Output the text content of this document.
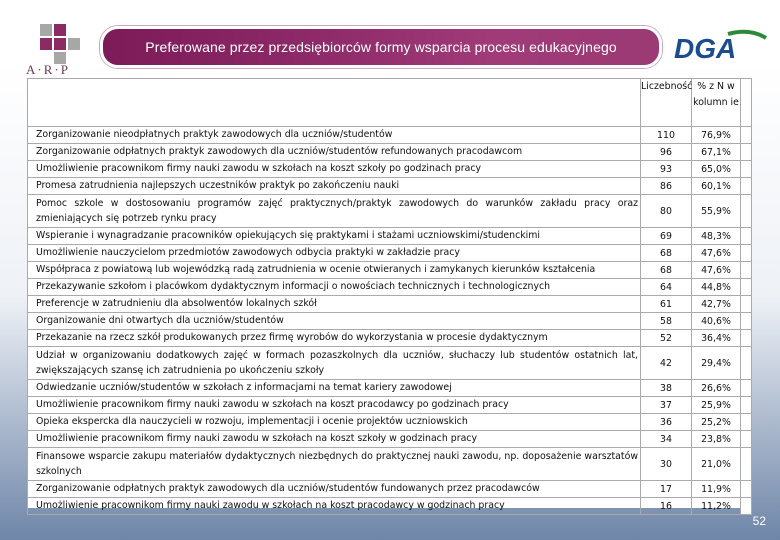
A·R·P
Preferowane przez przedsiębiorców formy wsparcia procesu edukacyjnego DGA
	Liczebność	% z N w kolumn ie	
Zorganizowanie nieodpłatnych praktyk zawodowych dla uczniów/studentów	110	76,9%	
Zorganizowanie odpłatnych praktyk zawodowych dla uczniów/studentów refundowanych pracodawcom	96	67,1%	
Umożliwienie pracownikom firmy nauki zawodu w szkołach na koszt szkoły po godzinach pracy	93	65,0%	
Promesa zatrudnienia najlepszych uczestników praktyk po zakończeniu nauki	86	60,1%	
Pomoc szkole w dostosowaniu programów zajęć praktycznych/praktyk zawodowych do warunków zakładu pracy oraz zmieniających się potrzeb rynku pracy	80	55,9%	
Wspieranie i wynagradzanie pracowników opiekujących się praktykami i stażami uczniowskimi/studenckimi	69	48,3%	
Umożliwienie nauczycielom przedmiotów zawodowych odbycia praktyki w zakładzie pracy	68	47,6%	
Współpraca z powiatową lub wojewódzką radą zatrudnienia w ocenie otwieranych i zamykanych kierunków kształcenia	68	47,6%	
Przekazywanie szkołom i placówkom dydaktycznym informacji o nowościach technicznych i technologicznych	64	44,8%	
Preferencje w zatrudnieniu dla absolwentów lokalnych szkół	61	42,7%	
Organizowanie dni otwartych dla uczniów/studentów	58	40,6%	
Przekazanie na rzecz szkół produkowanych przez firmę wyrobów do wykorzystania w procesie dydaktycznym	52	36,4%	
Udział w organizowaniu dodatkowych zajęć w formach pozaszkolnych dla uczniów, słuchaczy lub studentów ostatnich lat, zwiększających szansę ich zatrudnienia po ukończeniu szkoły	42	29,4%	
Odwiedzanie uczniów/studentów w szkołach z informacjami na temat kariery zawodowej	38	26,6%	
Umożliwienie pracownikom firmy nauki zawodu w szkołach na koszt pracodawcy po godzinach pracy	37	25,9%	
Opieka ekspercka dla nauczycieli w rozwoju, implementacji i ocenie projektów uczniowskich	36	25,2%	
Umożliwienie pracownikom firmy nauki zawodu w szkołach na koszt szkoły w godzinach pracy	34	23,8%	
Finansowe wsparcie zakupu materiałów dydaktycznych niezbędnych do praktycznej nauki zawodu, np. doposażenie warsztatów szkolnych	30	21,0%	
Zorganizowanie odpłatnych praktyk zawodowych dla uczniów/studentów fundowanych przez pracodawców	17	11,9%	
Umożliwienie pracownikom firmy nauki zawodu w szkołach na koszt pracodawcy w godzinach pracy	16	11,2%	
52
